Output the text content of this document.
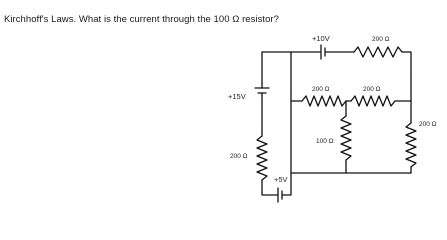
Kirchhoff's Laws. What is the current through the 100 Ω resistor?
+10V	200 Ω
200 Ω	200 Ω
+15V
100 Ω
200 Ω
200 Ω
+5V
